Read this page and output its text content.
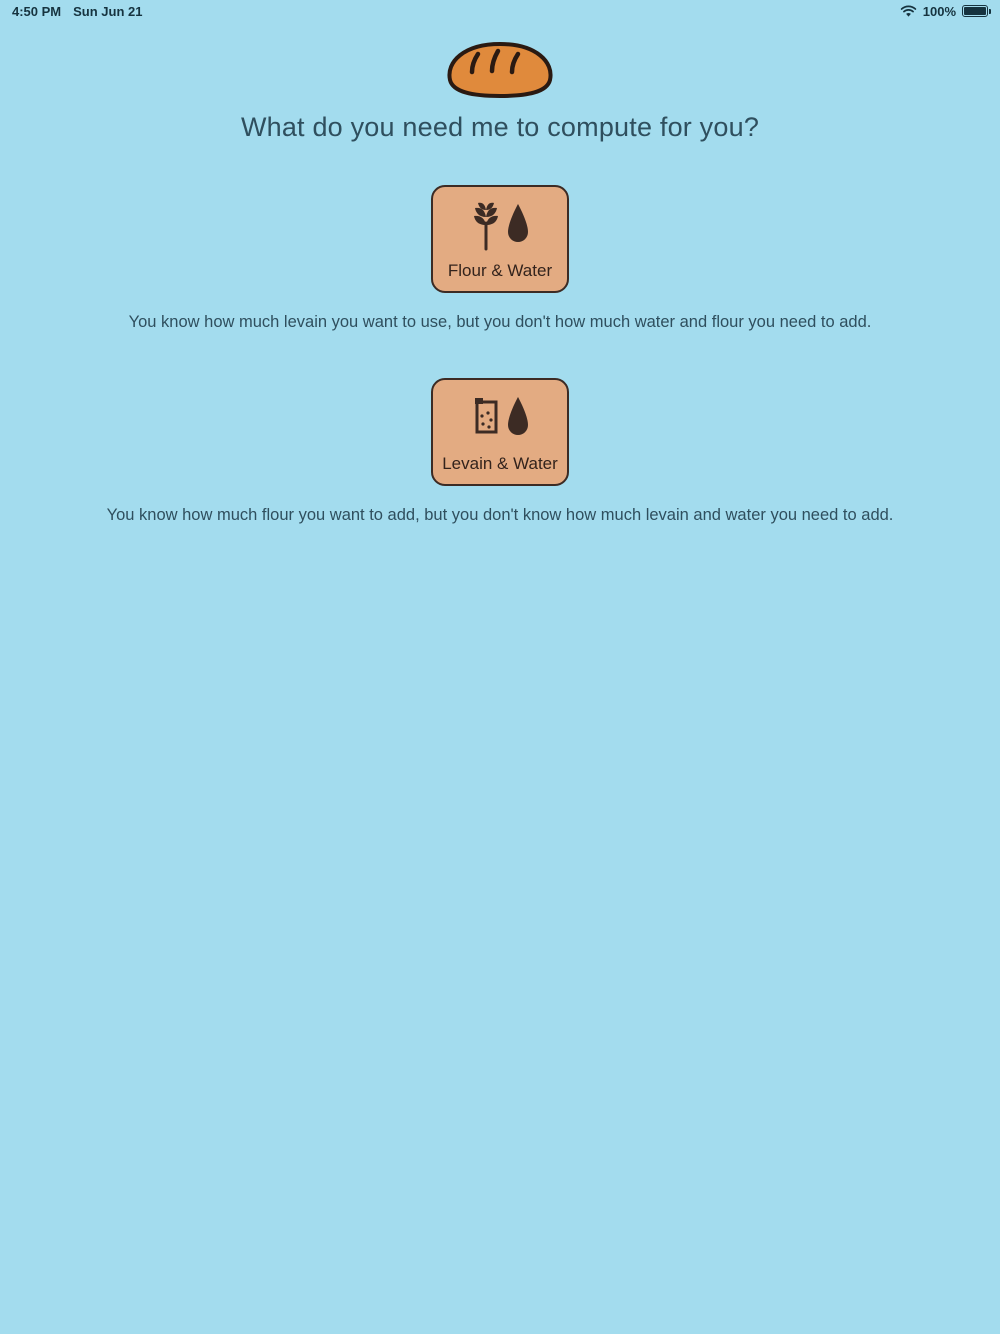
4:50 PM Sun Jun 21	100%
What do you need me to compute for you?
Flour & Water
You know how much levain you want to use, but you don't how much water and flour you need to add.
Levain & Water
You know how much flour you want to add, but you don't know how much levain and water you need to add.
